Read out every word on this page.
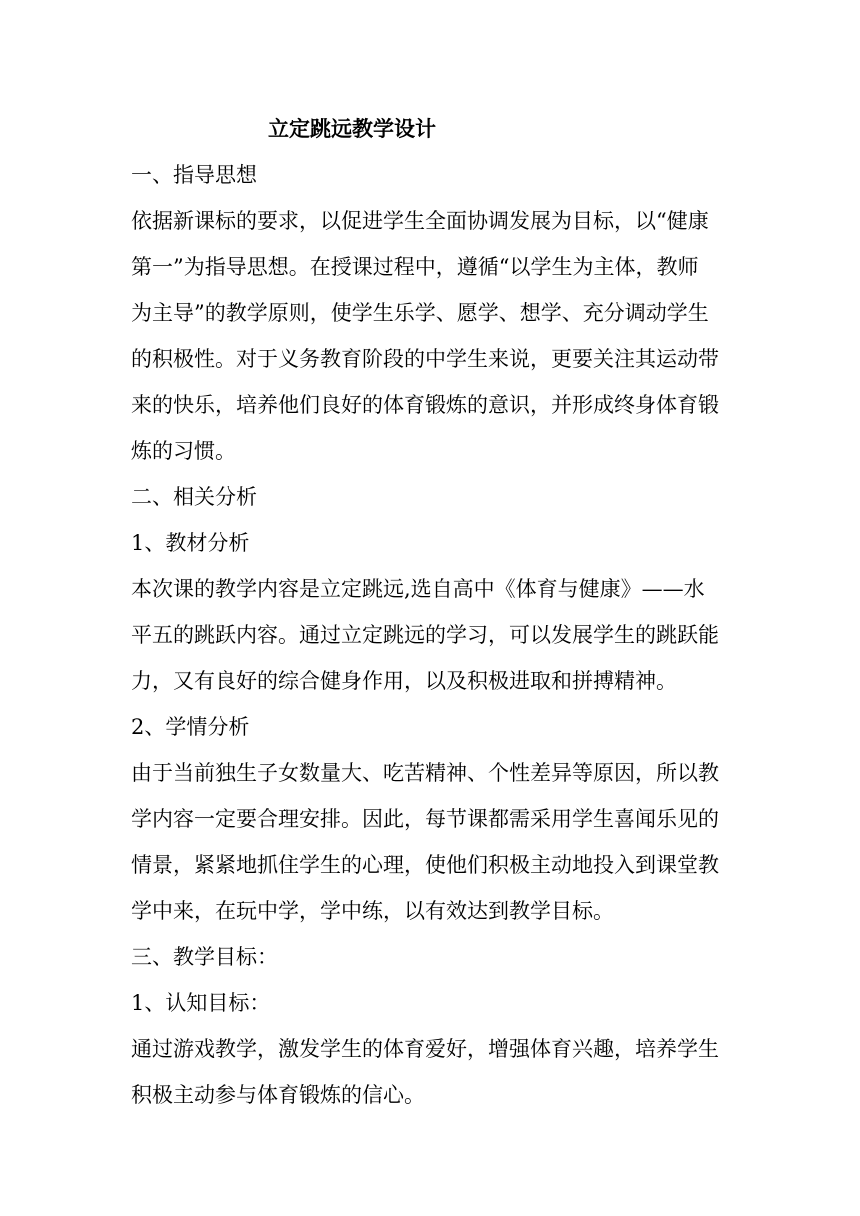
立定跳远教学设计

一、指导思想

依据新课标的要求，以促进学生全面协调发展为目标，以“健康

第一”为指导思想。在授课过程中，遵循“以学生为主体，教师

为主导”的教学原则，使学生乐学、愿学、想学、充分调动学生

的积极性。对于义务教育阶段的中学生来说，更要关注其运动带

来的快乐，培养他们良好的体育锻炼的意识，并形成终身体育锻

炼的习惯。

二、相关分析

1、教材分析

本次课的教学内容是立定跳远,选自高中《体育与健康》——水

平五的跳跃内容。通过立定跳远的学习，可以发展学生的跳跃能

力，又有良好的综合健身作用，以及积极进取和拼搏精神。

2、学情分析

由于当前独生子女数量大、吃苦精神、个性差异等原因，所以教

学内容一定要合理安排。因此，每节课都需采用学生喜闻乐见的

情景，紧紧地抓住学生的心理，使他们积极主动地投入到课堂教

学中来，在玩中学，学中练，以有效达到教学目标。

三、教学目标：

1、认知目标：

通过游戏教学，激发学生的体育爱好，增强体育兴趣，培养学生

积极主动参与体育锻炼的信心。
